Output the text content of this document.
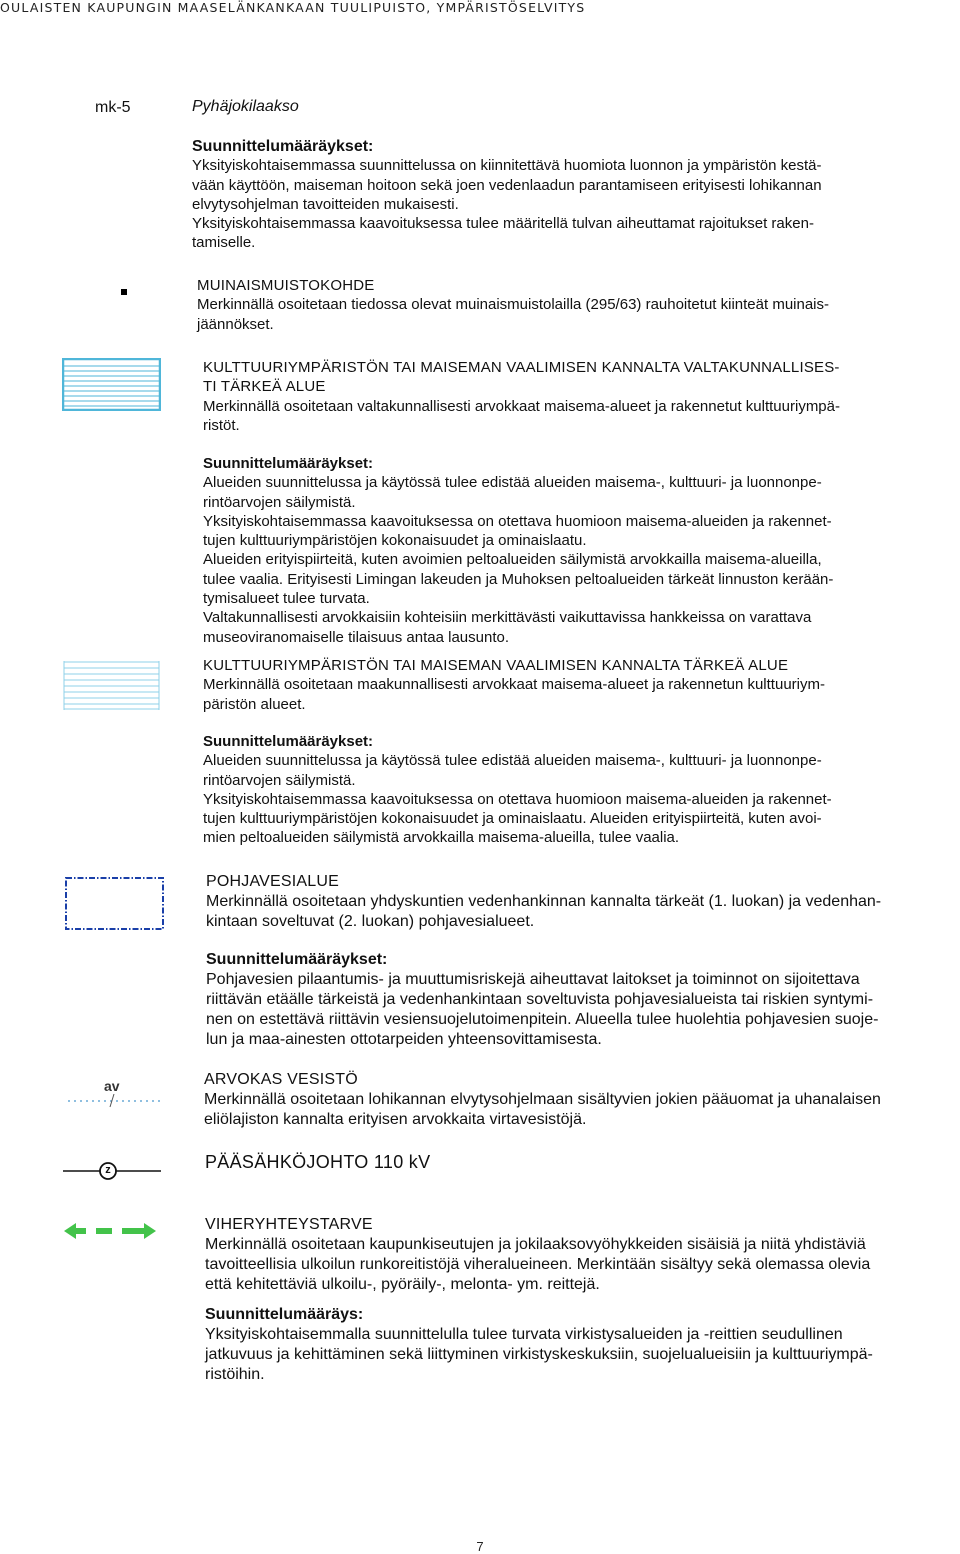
OULAISTEN KAUPUNGIN MAASELÄNKANKAAN TUULIPUISTO, YMPÄRISTÖSELVITYS
mk-5	Pyhäjokilaakso

Suunnittelumääräykset:

Yksityiskohtaisemmassa suunnittelussa on kiinnitettävä huomiota luonnon ja ympäristön kestä-

vään käyttöön, maiseman hoitoon sekä joen vedenlaadun parantamiseen erityisesti lohikannan

elvytysohjelman tavoitteiden mukaisesti.

Yksityiskohtaisemmassa kaavoituksessa tulee määritellä tulvan aiheuttamat rajoitukset raken-

tamiselle.

MUINAISMUISTOKOHDE

Merkinnällä osoitetaan tiedossa olevat muinaismuistolailla (295/63) rauhoitetut kiinteät muinais-

jäännökset.

KULTTUURIYMPÄRISTÖN TAI MAISEMAN VAALIMISEN KANNALTA VALTAKUNNALLISES-

TI TÄRKEÄ ALUE

Merkinnällä osoitetaan valtakunnallisesti arvokkaat maisema-alueet ja rakennetut kulttuuriympä-

ristöt.

Suunnittelumääräykset:

Alueiden suunnittelussa ja käytössä tulee edistää alueiden maisema-, kulttuuri- ja luonnonpe-

rintöarvojen säilymistä.

Yksityiskohtaisemmassa kaavoituksessa on otettava huomioon maisema-alueiden ja rakennet-

tujen kulttuuriympäristöjen kokonaisuudet ja ominaislaatu.

Alueiden erityispiirteitä, kuten avoimien peltoalueiden säilymistä arvokkailla maisema-alueilla,

tulee vaalia. Erityisesti Limingan lakeuden ja Muhoksen peltoalueiden tärkeät linnuston kerään-

tymisalueet tulee turvata.

Valtakunnallisesti arvokkaisiin kohteisiin merkittävästi vaikuttavissa hankkeissa on varattava

museoviranomaiselle tilaisuus antaa lausunto.

KULTTUURIYMPÄRISTÖN TAI MAISEMAN VAALIMISEN KANNALTA TÄRKEÄ ALUE

Merkinnällä osoitetaan maakunnallisesti arvokkaat maisema-alueet ja rakennetun kulttuuriym-

päristön alueet.

Suunnittelumääräykset:

Alueiden suunnittelussa ja käytössä tulee edistää alueiden maisema-, kulttuuri- ja luonnonpe-

rintöarvojen säilymistä.

Yksityiskohtaisemmassa kaavoituksessa on otettava huomioon maisema-alueiden ja rakennet-

tujen kulttuuriympäristöjen kokonaisuudet ja ominaislaatu. Alueiden erityispiirteitä, kuten avoi-

mien peltoalueiden säilymistä arvokkailla maisema-alueilla, tulee vaalia.

POHJAVESIALUE

Merkinnällä osoitetaan yhdyskuntien vedenhankinnan kannalta tärkeät (1. luokan) ja vedenhan-

kintaan soveltuvat (2. luokan) pohjavesialueet.

Suunnittelumääräykset:

Pohjavesien pilaantumis- ja muuttumisriskejä aiheuttavat laitokset ja toiminnot on sijoitettava

riittävän etäälle tärkeistä ja vedenhankintaan soveltuvista pohjavesialueista tai riskien syntymi-

nen on estettävä riittävin vesiensuojelutoimenpitein. Alueella tulee huolehtia pohjavesien suoje-

lun ja maa-ainesten ottotarpeiden yhteensovittamisesta.

av	ARVOKAS VESISTÖ

Merkinnällä osoitetaan lohikannan elvytysohjelmaan sisältyvien jokien pääuomat ja uhanalaisen

eliölajiston kannalta erityisen arvokkaita virtavesistöjä.

z	PÄÄSÄHKÖJOHTO 110 kV

VIHERYHTEYSTARVE

Merkinnällä osoitetaan kaupunkiseutujen ja jokilaaksovyöhykkeiden sisäisiä ja niitä yhdistäviä

tavoitteellisia ulkoilun runkoreitistöjä viheralueineen. Merkintään sisältyy sekä olemassa olevia

että kehitettäviä ulkoilu-, pyöräily-, melonta- ym. reittejä.

Suunnittelumääräys:

Yksityiskohtaisemmalla suunnittelulla tulee turvata virkistysalueiden ja -reittien seudullinen

jatkuvuus ja kehittäminen sekä liittyminen virkistyskeskuksiin, suojelualueisiin ja kulttuuriympä-

ristöihin.

7
